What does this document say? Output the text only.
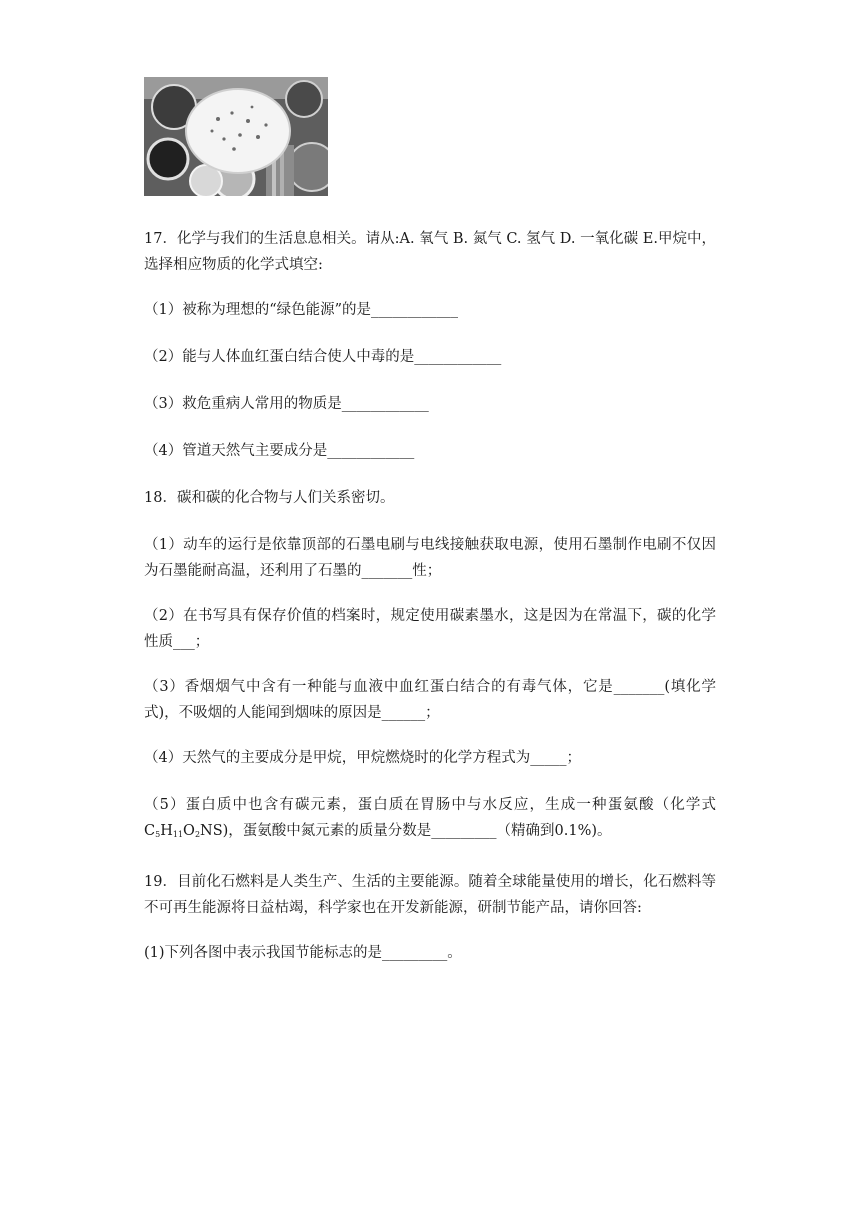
17．化学与我们的生活息息相关。请从:A. 氧气 B. 氮气 C. 氢气 D. 一氧化碳 E.甲烷中，选择相应物质的化学式填空:

（1）被称为理想的“绿色能源”的是____________

（2）能与人体血红蛋白结合使人中毒的是____________

（3）救危重病人常用的物质是____________

（4）管道天然气主要成分是____________

18．碳和碳的化合物与人们关系密切。

（1）动车的运行是依靠顶部的石墨电刷与电线接触获取电源，使用石墨制作电刷不仅因为石墨能耐高温，还利用了石墨的_______性；

（2）在书写具有保存价值的档案时，规定使用碳素墨水，这是因为在常温下，碳的化学性质___；

（3）香烟烟气中含有一种能与血液中血红蛋白结合的有毒气体，它是_______(填化学式)，不吸烟的人能闻到烟味的原因是______；

（4）天然气的主要成分是甲烷，甲烷燃烧时的化学方程式为_____；

（5）蛋白质中也含有碳元素，蛋白质在胃肠中与水反应，生成一种蛋氨酸（化学式C5H11O2NS)，蛋氨酸中氮元素的质量分数是_________（精确到0.1%)。

19．目前化石燃料是人类生产、生活的主要能源。随着全球能量使用的增长，化石燃料等不可再生能源将日益枯竭，科学家也在开发新能源，研制节能产品，请你回答:

(1)下列各图中表示我国节能标志的是_________。
